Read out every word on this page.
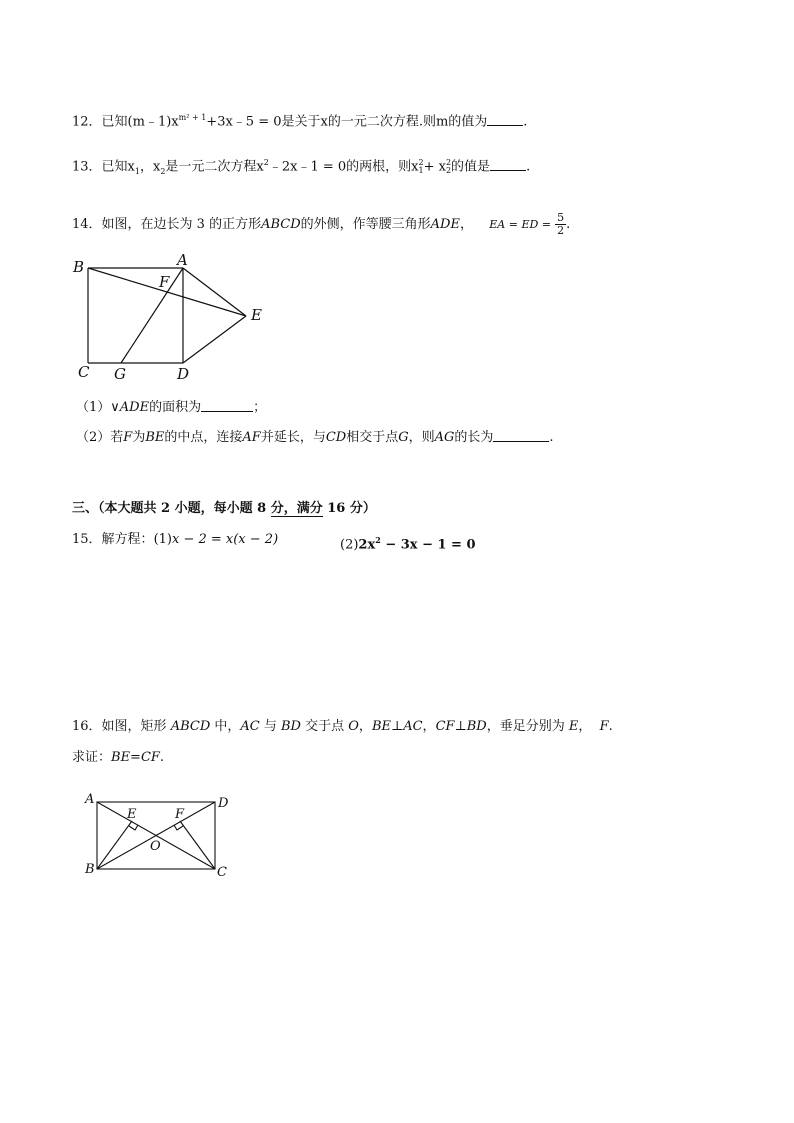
12．已知$(m﹣1)x^{m^2 + 1}+3x﹣5 = 0$是关于x的一元二次方程.则m的值为	.
13．已知$x_1$，$x_2$是一元二次方程$x^2﹣2x﹣1 = 0$的两根，则x 2
1 + x 2
2 的值是	.
14．如图，在边长为 3 的正方形ABCD的外侧，作等腰三角形ADE， EA = ED = $\frac{5}{2}$ .
B	A
F
E
C G	D
（1）∨ADE的面积为	；
（2）若F为BE的中点，连接AF并延长，与CD相交于点G，则AG的长为	.
三、（本大题共 2 小题，每小题 8 分，满分 16 分）
15．解方程：(1)x − 2 = x(x − 2)	$(2)2x^2 - 3x - 1 = 0$
16．如图，矩形 ABCD 中，AC 与 BD 交于点 O，BE⊥AC，CF⊥BD，垂足分别为 E，  F.
求证：BE=CF.
A	D
E	F
O
B	C
